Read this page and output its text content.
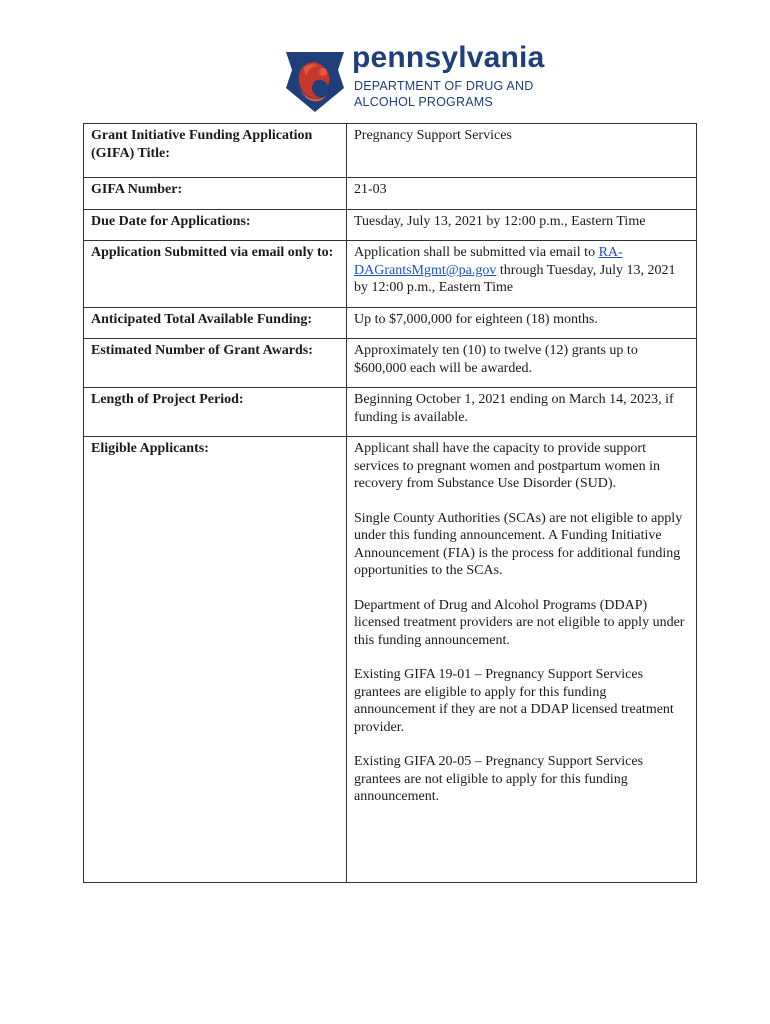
pennsylvania
DEPARTMENT OF DRUG AND
ALCOHOL PROGRAMS
Grant Initiative Funding Application (GIFA) Title:	Pregnancy Support Services
GIFA Number:	21-03
Due Date for Applications:	Tuesday, July 13, 2021 by 12:00 p.m., Eastern Time
Application Submitted via email only to:	Application shall be submitted via email to RA-DAGrantsMgmt@pa.gov through Tuesday, July 13, 2021 by 12:00 p.m., Eastern Time
Anticipated Total Available Funding:	Up to $7,000,000 for eighteen (18) months.
Estimated Number of Grant Awards:	Approximately ten (10) to twelve (12) grants up to $600,000 each will be awarded.
Length of Project Period:	Beginning October 1, 2021 ending on March 14, 2023, if funding is available.
Eligible Applicants:	Applicant shall have the capacity to provide support services to pregnant women and postpartum women in recovery from Substance Use Disorder (SUD).

Single County Authorities (SCAs) are not eligible to apply under this funding announcement. A Funding Initiative Announcement (FIA) is the process for additional funding opportunities to the SCAs.

Department of Drug and Alcohol Programs (DDAP) licensed treatment providers are not eligible to apply under this funding announcement.

Existing GIFA 19-01 – Pregnancy Support Services grantees are eligible to apply for this funding announcement if they are not a DDAP licensed treatment provider.

Existing GIFA 20-05 – Pregnancy Support Services grantees are not eligible to apply for this funding announcement.
